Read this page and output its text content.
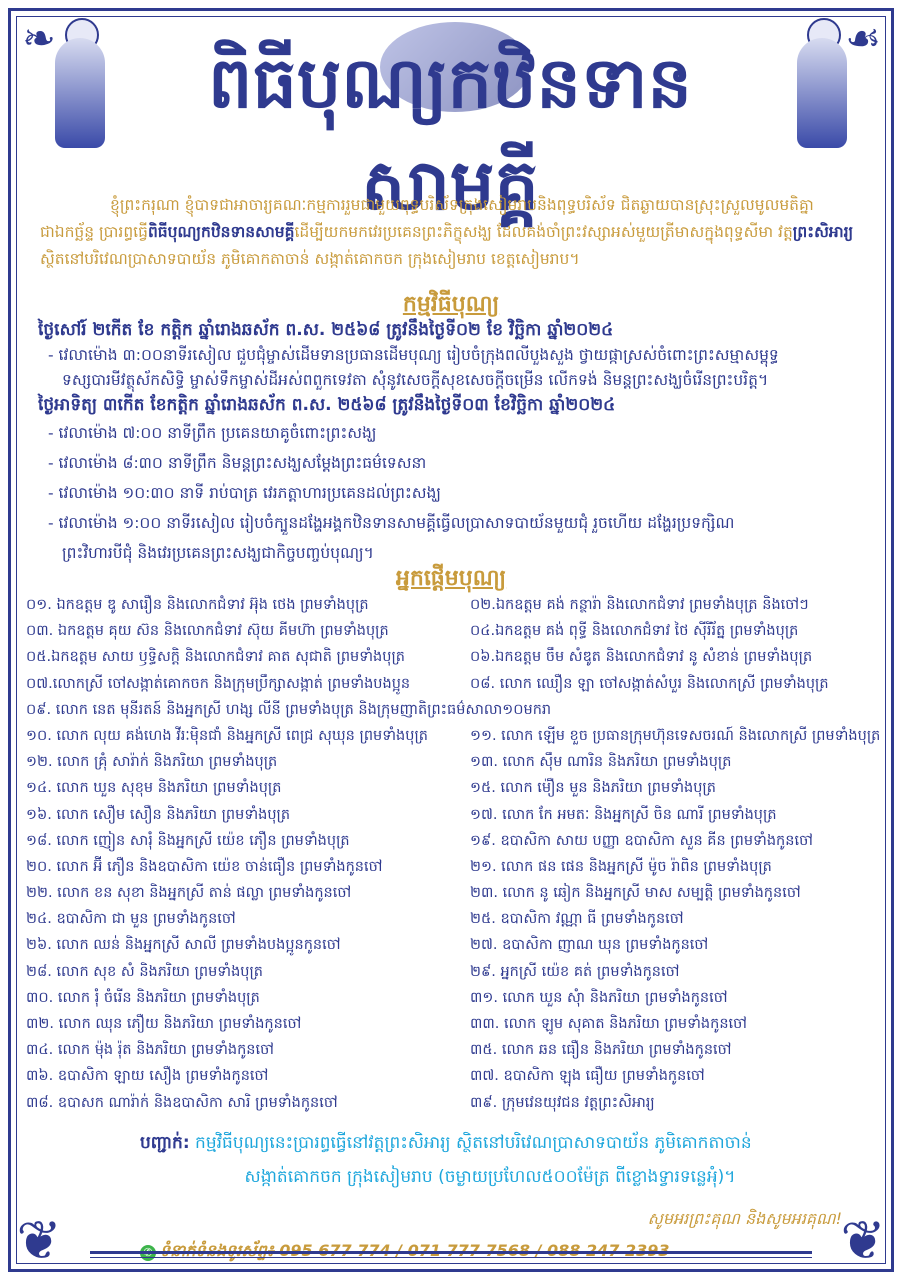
❦	❦
❧	☙
ពិធីបុណ្យកឋិនទានសាមគ្គី
ខ្ញុំព្រះករុណា ខ្ញុំបាទជាអាចារ្យគណៈកម្មការរួមជាមួយពុទ្ធបរិស័ទក្រុងសៀមរាបនិងពុទ្ធបរិស័ទ ជិតឆ្ងាយបានស្រុះស្រួលមូលមតិគ្នាជាឯកច្ឆ័ន្ទ ប្រារព្ធធ្វើពិធីបុណ្យកឋិនទានសាមគ្គីដើម្បីយកមកវេរប្រគេនព្រះភិក្ខុសង្ឃ ដែលគង់ចាំព្រះវស្សាអស់មួយត្រីមាសក្នុងពុទ្ធសីមា វត្តព្រះសិអារ្យ ស្ថិតនៅបរិវេណប្រាសាទបាយ័ន ភូមិគោកតាចាន់ សង្កាត់គោកចក ក្រុងសៀមរាប ខេត្តសៀមរាប។
កម្មវិធីបុណ្យ
ថ្ងៃសៅរ៍ ២កើត ខែ កត្តិក ឆ្នាំរោងឆស័ក ព.ស. ២៥៦៨ ត្រូវនឹងថ្ងៃទី០២ ខែ វិច្ឆិកា ឆ្នាំ២០២៤
- វេលាម៉ោង ៣:០០នាទីរសៀល ជួបជុំម្ចាស់ដើមទានប្រធានដើមបុណ្យ រៀបចំក្រុងពលីបួងសួង ថ្វាយផ្កាស្រស់ចំពោះព្រះសម្មាសម្ពុទ្ធ
ទស្សបារមីវត្ថុស័កសិទ្ធិ ម្ចាស់ទឹកម្ចាស់ដីអស់ពពួកទេវតា សុំនូវសេចក្តីសុខសេចក្តីចម្រើន លើកទង់ និមន្តព្រះសង្ឃចំរើនព្រះបរិត្ត។
ថ្ងៃអាទិត្យ ៣កើត ខែកត្តិក ឆ្នាំរោងឆស័ក ព.ស. ២៥៦៨ ត្រូវនឹងថ្ងៃទី០៣ ខែវិច្ឆិកា ឆ្នាំ២០២៤
- វេលាម៉ោង ៧:០០ នាទីព្រឹក ប្រគេនយាគូចំពោះព្រះសង្ឃ
- វេលាម៉ោង ៨:៣០ នាទីព្រឹក និមន្តព្រះសង្ឃសម្តែងព្រះធម៌ទេសនា
- វេលាម៉ោង ១០:៣០ នាទី រាប់បាត្រ វេរភត្តាហារប្រគេនដល់ព្រះសង្ឃ
- វេលាម៉ោង ១:០០ នាទីរសៀល រៀបចំក្បួនដង្ហែអង្គកឋិនទានសាមគ្គីធ្វើលប្រាសាទបាយ័នមួយជុំ រួចហើយ ដង្ហែរប្រទក្សិណ
ព្រះវិហារបីជុំ និងវេរប្រគេនព្រះសង្ឃជាកិច្ចបញ្ចប់បុណ្យ។
អ្នកផ្តើមបុណ្យ
០១. ឯកឧត្តម ឌូ សារឿន និងលោកជំទាវ អ៊ុង ថេង ព្រមទាំងបុត្រ	០២.ឯកឧត្តម គង់ កន្ថារ៉ា និងលោកជំទាវ ព្រមទាំងបុត្រ និងចៅៗ
០៣. ឯកឧត្តម គុយ ស៊ន និងលោកជំទាវ ស៊ុយ គីមហ៊ា ព្រមទាំងបុត្រ	០៤.ឯកឧត្តម គង់ ពុទ្ធី និងលោកជំទាវ ថៃ ស៊ីរីរ័ត្ន ព្រមទាំងបុត្រ
០៥.ឯកឧត្តម សាយ ឫទ្ធិសក្តិ និងលោកជំទាវ គាត សុជាតិ ព្រមទាំងបុត្រ	០៦.ឯកឧត្តម ចឹម សំឌូត និងលោកជំទាវ នូ សំខាន់ ព្រមទាំងបុត្រ
០៧.លោកស្រី ចៅសង្កាត់គោកចក និងក្រុមប្រឹក្សាសង្កាត់ ព្រមទាំងបងប្អូន	០៨. លោក ឈឿន ឡា ចៅសង្កាត់សំបួរ និងលោកស្រី ព្រមទាំងបុត្រ
០៩. លោក នេត មុនីរតន៍ និងអ្នកស្រី ហង្ស លីនី ព្រមទាំងបុត្រ និងក្រុមញាតិព្រះធម៌សាលា១០មករា
១០. លោក លុយ គង់ហេង វីរៈម៉ិនជាំ និងអ្នកស្រី ពេជ្រ សុឃុន ព្រមទាំងបុត្រ	១១. លោក ឡើម ខួច ប្រធានក្រុមហ៊ុនទេសចរណ៍ និងលោកស្រី ព្រមទាំងបុត្រ
១២. លោក គ្រុំ សារ៉ាក់ និងភរិយា ព្រមទាំងបុត្រ	១៣. លោក ស៊ឹម ណារិន និងភរិយា ព្រមទាំងបុត្រ
១៤. លោក ឃួន សុខុម និងភរិយា ព្រមទាំងបុត្រ	១៥. លោក ម៉ឿន មួន និងភរិយា ព្រមទាំងបុត្រ
១៦. លោក សឿម សឿន និងភរិយា ព្រមទាំងបុត្រ	១៧. លោក កែ អមតៈ និងអ្នកស្រី ចិន ណារី ព្រមទាំងបុត្រ
១៨. លោក ញៀន សារុំ និងអ្នកស្រី យ៉េខ ភឿន ព្រមទាំងបុត្រ	១៩. ឧបាសិកា សាយ បញ្ញា ឧបាសិកា សួន គីន ព្រមទាំងកូនចៅ
២០. លោក អ៊ី ភឿន និងឧបាសិកា យ៉េខ ចាន់ធឿន ព្រមទាំងកូនចៅ	២១. លោក ផន ផេន និងអ្នកស្រី ម៉ូច រ៉ាពិន ព្រមទាំងបុត្រ
២២. លោក ខន សុខា និងអ្នកស្រី តាន់ ផល្លា ព្រមទាំងកូនចៅ	២៣. លោក នូ ឆៀក និងអ្នកស្រី មាស សម្បត្តិ ព្រមទាំងកូនចៅ
២៤. ឧបាសិកា ជា មួន ព្រមទាំងកូនចៅ	២៥. ឧបាសិកា វណ្ណា ធី ព្រមទាំងកូនចៅ
២៦. លោក ឈន់ និងអ្នកស្រី សាលី ព្រមទាំងបងប្អូនកូនចៅ	២៧. ឧបាសិកា ញាណ ឃុន ព្រមទាំងកូនចៅ
២៨. លោក សុខ សំ និងភរិយា ព្រមទាំងបុត្រ	២៩. អ្នកស្រី យ៉េខ គត់ ព្រមទាំងកូនចៅ
៣០. លោក រុំ ចំរើន និងភរិយា ព្រមទាំងបុត្រ	៣១. លោក ឃួន សុំា និងភរិយា ព្រមទាំងកូនចៅ
៣២. លោក ឈុន ភឿយ និងភរិយា ព្រមទាំងកូនចៅ	៣៣. លោក ឡូម សុគាត និងភរិយា ព្រមទាំងកូនចៅ
៣៤. លោក ម៉ុង រ៉ុត និងភរិយា ព្រមទាំងកូនចៅ	៣៥. លោក ឆន ធឿន និងភរិយា ព្រមទាំងកូនចៅ
៣៦. ឧបាសិកា ឡាយ សឿង ព្រមទាំងកូនចៅ	៣៧. ឧបាសិកា ឡុង ធឿយ ព្រមទាំងកូនចៅ
៣៨. ឧបាសក ណារ៉ាក់ និងឧបាសិកា សារិ ព្រមទាំងកូនចៅ	៣៩. ក្រុមវេនយុវជន វត្តព្រះសិអារ្យ
បញ្ជាក់: កម្មវិធីបុណ្យនេះប្រារព្ធធ្វើនៅវត្តព្រះសិអារ្យ ស្ថិតនៅបរិវេណប្រាសាទបាយ័ន ភូមិគោកតាចាន់
សង្កាត់គោកចក ក្រុងសៀមរាប (ចម្ងាយប្រហែល៥០០ម៉ែត្រ ពីខ្លោងទ្វារទន្លេអុំ)។
សូមអរព្រះគុណ និងសូមអរគុណ!
✆ ទំនាក់ទំនងទូរស័ព្ទ៖ 095 677 774 / 071 777 7568 / 088 247 2393
